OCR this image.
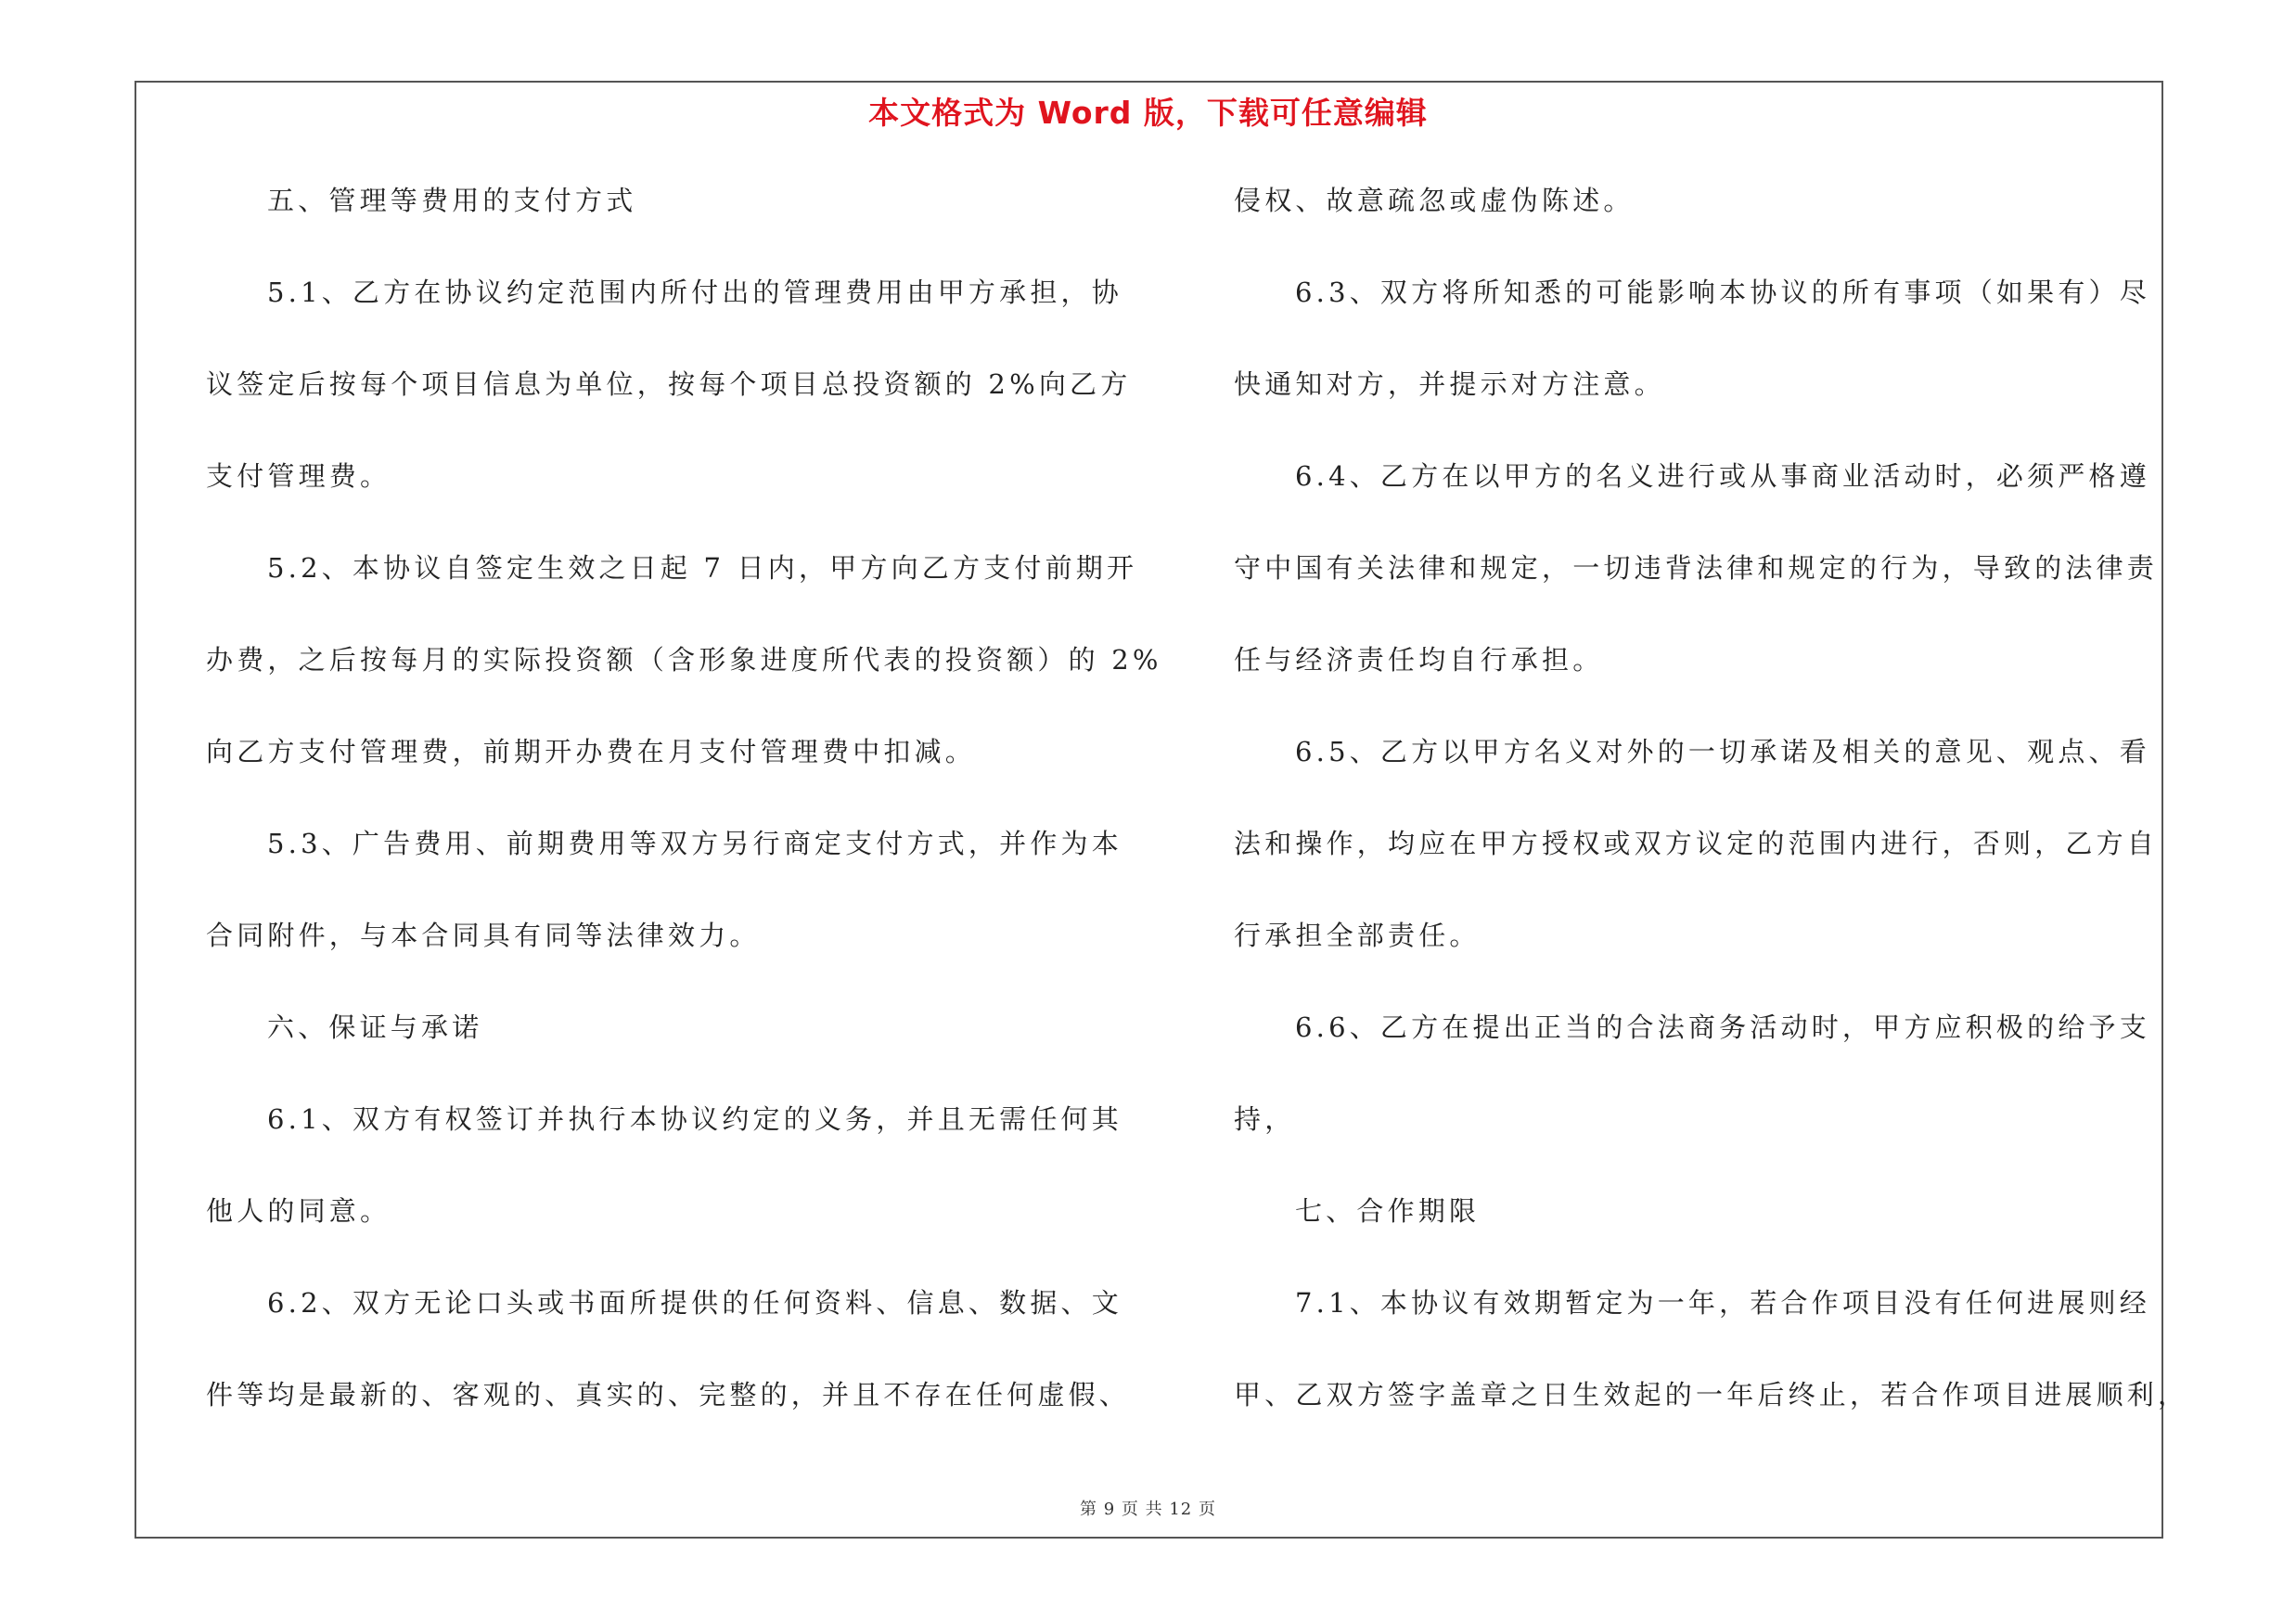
本文格式为 Word 版，下载可任意编辑
五、管理等费用的支付方式
5.1、乙方在协议约定范围内所付出的管理费用由甲方承担，协
议签定后按每个项目信息为单位，按每个项目总投资额的 2%向乙方
支付管理费。
5.2、本协议自签定生效之日起 7 日内，甲方向乙方支付前期开
办费，之后按每月的实际投资额（含形象进度所代表的投资额）的 2%
向乙方支付管理费，前期开办费在月支付管理费中扣减。
5.3、广告费用、前期费用等双方另行商定支付方式，并作为本
合同附件，与本合同具有同等法律效力。
六、保证与承诺
6.1、双方有权签订并执行本协议约定的义务，并且无需任何其
他人的同意。
6.2、双方无论口头或书面所提供的任何资料、信息、数据、文
件等均是最新的、客观的、真实的、完整的，并且不存在任何虚假、
侵权、故意疏忽或虚伪陈述。
6.3、双方将所知悉的可能影响本协议的所有事项（如果有）尽
快通知对方，并提示对方注意。
6.4、乙方在以甲方的名义进行或从事商业活动时，必须严格遵
守中国有关法律和规定，一切违背法律和规定的行为，导致的法律责
任与经济责任均自行承担。
6.5、乙方以甲方名义对外的一切承诺及相关的意见、观点、看
法和操作，均应在甲方授权或双方议定的范围内进行，否则，乙方自
行承担全部责任。
6.6、乙方在提出正当的合法商务活动时，甲方应积极的给予支
持，
七、合作期限
7.1、本协议有效期暂定为一年，若合作项目没有任何进展则经
甲、乙双方签字盖章之日生效起的一年后终止，若合作项目进展顺利，
第 9 页 共 12 页
